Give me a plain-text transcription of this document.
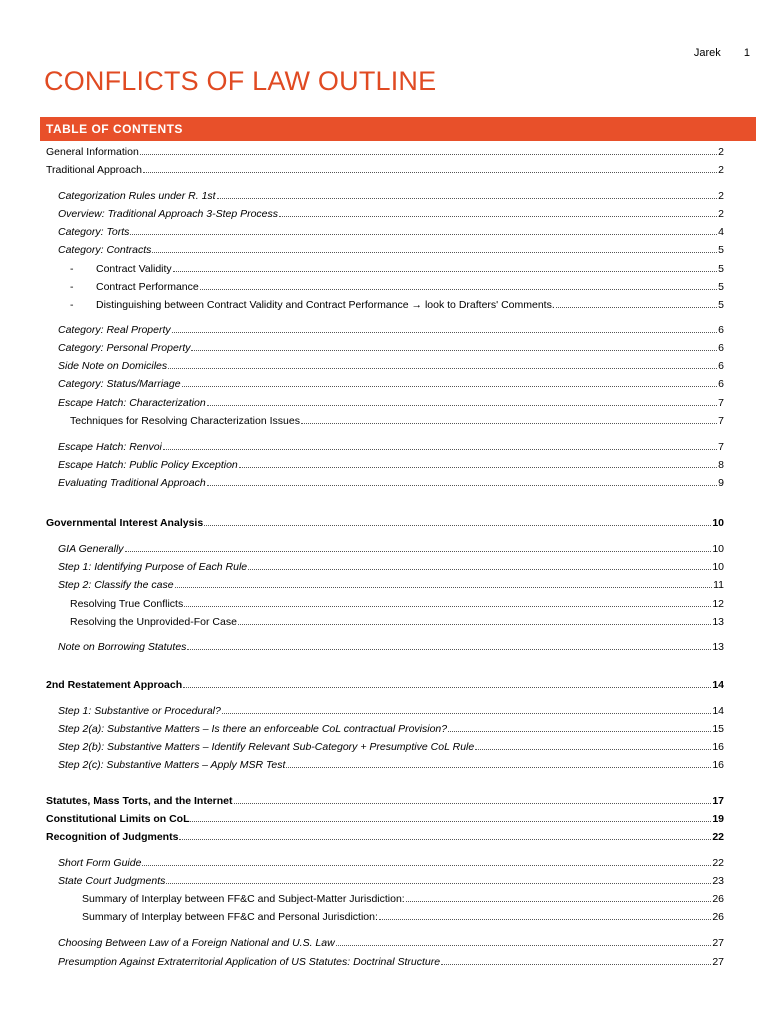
Jarek 1
CONFLICTS OF LAW OUTLINE
TABLE OF CONTENTS
General Information	2
Traditional Approach	2
Categorization Rules under R. 1st	2
Overview: Traditional Approach 3-Step Process	2
Category: Torts	4
Category: Contracts	5
- Contract Validity	5
- Contract Performance	5
- Distinguishing between Contract Validity and Contract Performance → look to Drafters' Comments.	5
Category: Real Property	6
Category: Personal Property	6
Side Note on Domiciles	6
Category: Status/Marriage	6
Escape Hatch: Characterization	7
Techniques for Resolving Characterization Issues	7
Escape Hatch: Renvoi	7
Escape Hatch: Public Policy Exception	8
Evaluating Traditional Approach	9
Governmental Interest Analysis	10
GIA Generally	10
Step 1: Identifying Purpose of Each Rule	10
Step 2: Classify the case	11
Resolving True Conflicts	12
Resolving the Unprovided-For Case	13
Note on Borrowing Statutes	13
2nd Restatement Approach	14
Step 1: Substantive or Procedural?	14
Step 2(a): Substantive Matters – Is there an enforceable CoL contractual Provision?	15
Step 2(b): Substantive Matters – Identify Relevant Sub-Category + Presumptive CoL Rule	16
Step 2(c): Substantive Matters – Apply MSR Test	16
Statutes, Mass Torts, and the Internet	17
Constitutional Limits on CoL	19
Recognition of Judgments	22
Short Form Guide	22
State Court Judgments	23
Summary of Interplay between FF&C and Subject-Matter Jurisdiction:	26
Summary of Interplay between FF&C and Personal Jurisdiction:	26
Choosing Between Law of a Foreign National and U.S. Law	27
Presumption Against Extraterritorial Application of US Statutes: Doctrinal Structure	27
